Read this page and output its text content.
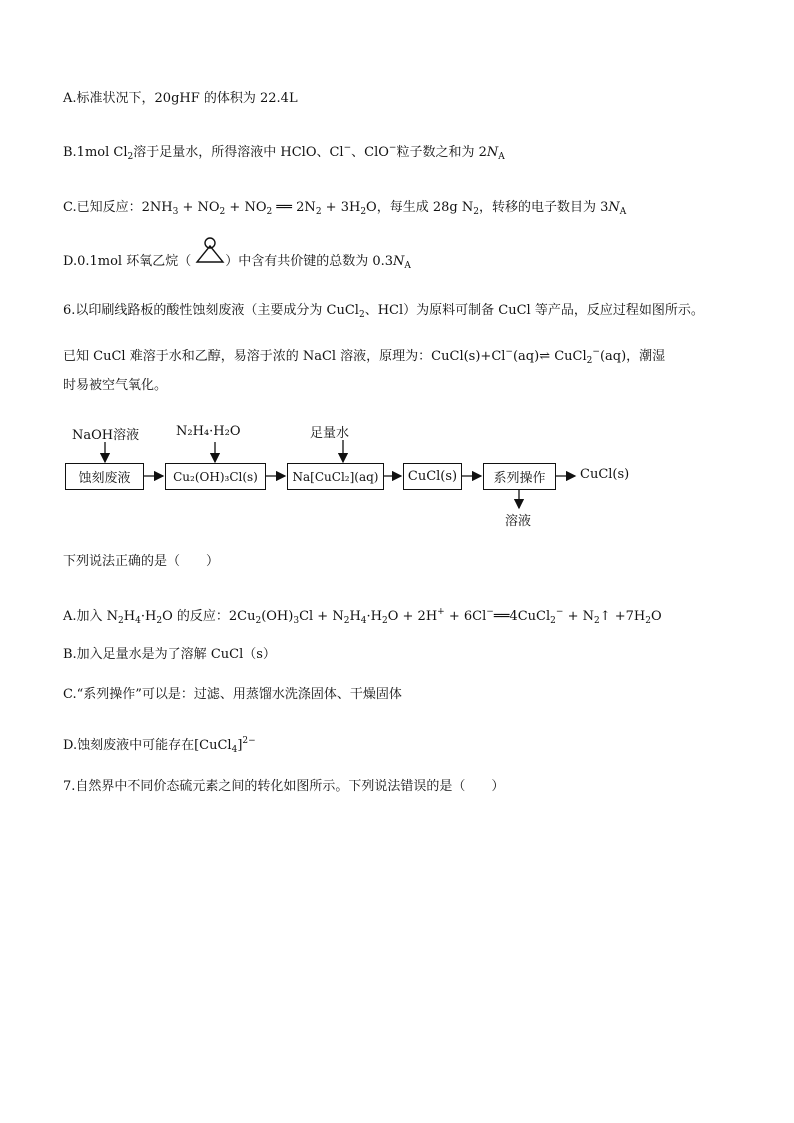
A.标准状况下，20gHF 的体积为 22.4L
B.1mol $Cl_2$溶于足量水，所得溶液中 HClO、Cl−、ClO−粒子数之和为 $2N_A$
C.已知反应：$2NH_3 + NO_2 + NO_2$ ══ $2N_2 + 3H_2O$，每生成 28g $N_2$，转移的电子数目为 $3N_A$
D.0.1mol 环氧乙烷（	）中含有共价键的总数为 $0.3N_A$
6.以印刷线路板的酸性蚀刻废液（主要成分为 CuCl$_2$、HCl）为原料可制备 CuCl 等产品，反应过程如图所示。
已知 CuCl 难溶于水和乙醇，易溶于浓的 NaCl 溶液，原理为：CuCl(s)+Cl−(aq)⇌ CuCl$_2$−(aq)，潮湿
时易被空气氧化。
NaOH溶液	N₂H₄·H₂O	足量水
蚀刻废液	Cu₂(OH)₃Cl(s)	Na[CuCl₂](aq)	CuCl(s)	系列操作	CuCl(s)
溶液
下列说法正确的是（　　）
A.加入 $N_2H_4\cdot H_2O$ 的反应：$2Cu_2(OH)_3Cl + N_2H_4\cdot H_2O + 2H^+$ + 6Cl−══4CuCl$_2$− + $N_2↑ +7H_2O$
B.加入足量水是为了溶解 CuCl（s）
C.“系列操作”可以是：过滤、用蒸馏水洗涤固体、干燥固体
D.蚀刻废液中可能存在[CuCl$_4$]$^{2-}$
7.自然界中不同价态硫元素之间的转化如图所示。下列说法错误的是（　　）
